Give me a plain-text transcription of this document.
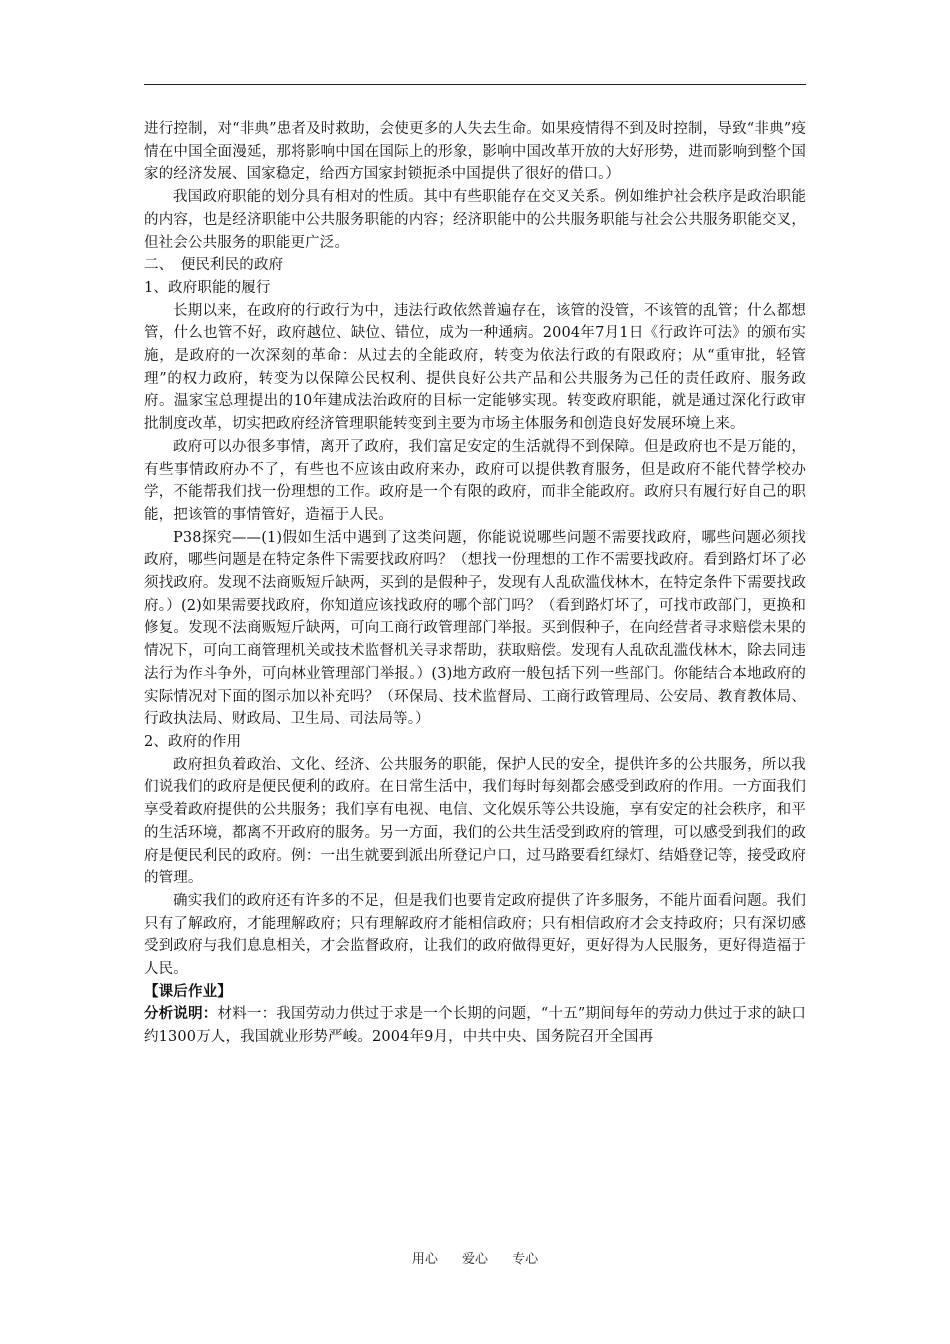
进行控制，对“非典”患者及时救助，会使更多的人失去生命。如果疫情得不到及时控制，导致“非典”疫情在中国全面漫延，那将影响中国在国际上的形象，影响中国改革开放的大好形势，进而影响到整个国家的经济发展、国家稳定，给西方国家封锁扼杀中国提供了很好的借口。）

我国政府职能的划分具有相对的性质。其中有些职能存在交叉关系。例如维护社会秩序是政治职能的内容，也是经济职能中公共服务职能的内容；经济职能中的公共服务职能与社会公共服务职能交叉，但社会公共服务的职能更广泛。

二、　便民利民的政府

1、政府职能的履行

长期以来，在政府的行政行为中，违法行政依然普遍存在，该管的没管，不该管的乱管；什么都想管，什么也管不好，政府越位、缺位、错位，成为一种通病。2004年7月1日《行政许可法》的颁布实施，是政府的一次深刻的革命：从过去的全能政府，转变为依法行政的有限政府；从“重审批，轻管理”的权力政府，转变为以保障公民权利、提供良好公共产品和公共服务为己任的责任政府、服务政府。温家宝总理提出的10年建成法治政府的目标一定能够实现。转变政府职能，就是通过深化行政审批制度改革，切实把政府经济管理职能转变到主要为市场主体服务和创造良好发展环境上来。

政府可以办很多事情，离开了政府，我们富足安定的生活就得不到保障。但是政府也不是万能的，有些事情政府办不了，有些也不应该由政府来办，政府可以提供教育服务，但是政府不能代替学校办学，不能帮我们找一份理想的工作。政府是一个有限的政府，而非全能政府。政府只有履行好自己的职能，把该管的事情管好，造福于人民。

P38探究——(1)假如生活中遇到了这类问题，你能说说哪些问题不需要找政府，哪些问题必须找政府，哪些问题是在特定条件下需要找政府吗？（想找一份理想的工作不需要找政府。看到路灯坏了必须找政府。发现不法商贩短斤缺两，买到的是假种子，发现有人乱砍滥伐林木，在特定条件下需要找政府。）(2)如果需要找政府，你知道应该找政府的哪个部门吗？（看到路灯坏了，可找市政部门，更换和修复。发现不法商贩短斤缺两，可向工商行政管理部门举报。买到假种子，在向经营者寻求赔偿未果的情况下，可向工商管理机关或技术监督机关寻求帮助，获取赔偿。发现有人乱砍乱滥伐林木，除去同违法行为作斗争外，可向林业管理部门举报。）(3)地方政府一般包括下列一些部门。你能结合本地政府的实际情况对下面的图示加以补充吗？（环保局、技术监督局、工商行政管理局、公安局、教育教体局、行政执法局、财政局、卫生局、司法局等。）

2、政府的作用

政府担负着政治、文化、经济、公共服务的职能，保护人民的安全，提供许多的公共服务，所以我们说我们的政府是便民便利的政府。在日常生活中，我们每时每刻都会感受到政府的作用。一方面我们享受着政府提供的公共服务；我们享有电视、电信、文化娱乐等公共设施，享有安定的社会秩序，和平的生活环境，都离不开政府的服务。另一方面，我们的公共生活受到政府的管理，可以感受到我们的政府是便民利民的政府。例：一出生就要到派出所登记户口，过马路要看红绿灯、结婚登记等，接受政府的管理。

确实我们的政府还有许多的不足，但是我们也要肯定政府提供了许多服务，不能片面看问题。我们只有了解政府，才能理解政府；只有理解政府才能相信政府；只有相信政府才会支持政府；只有深切感受到政府与我们息息相关，才会监督政府，让我们的政府做得更好，更好得为人民服务，更好得造福于人民。

【课后作业】

分析说明：材料一：我国劳动力供过于求是一个长期的问题，“十五”期间每年的劳动力供过于求的缺口约1300万人，我国就业形势严峻。2004年9月，中共中央、国务院召开全国再

用心 爱心 专心
